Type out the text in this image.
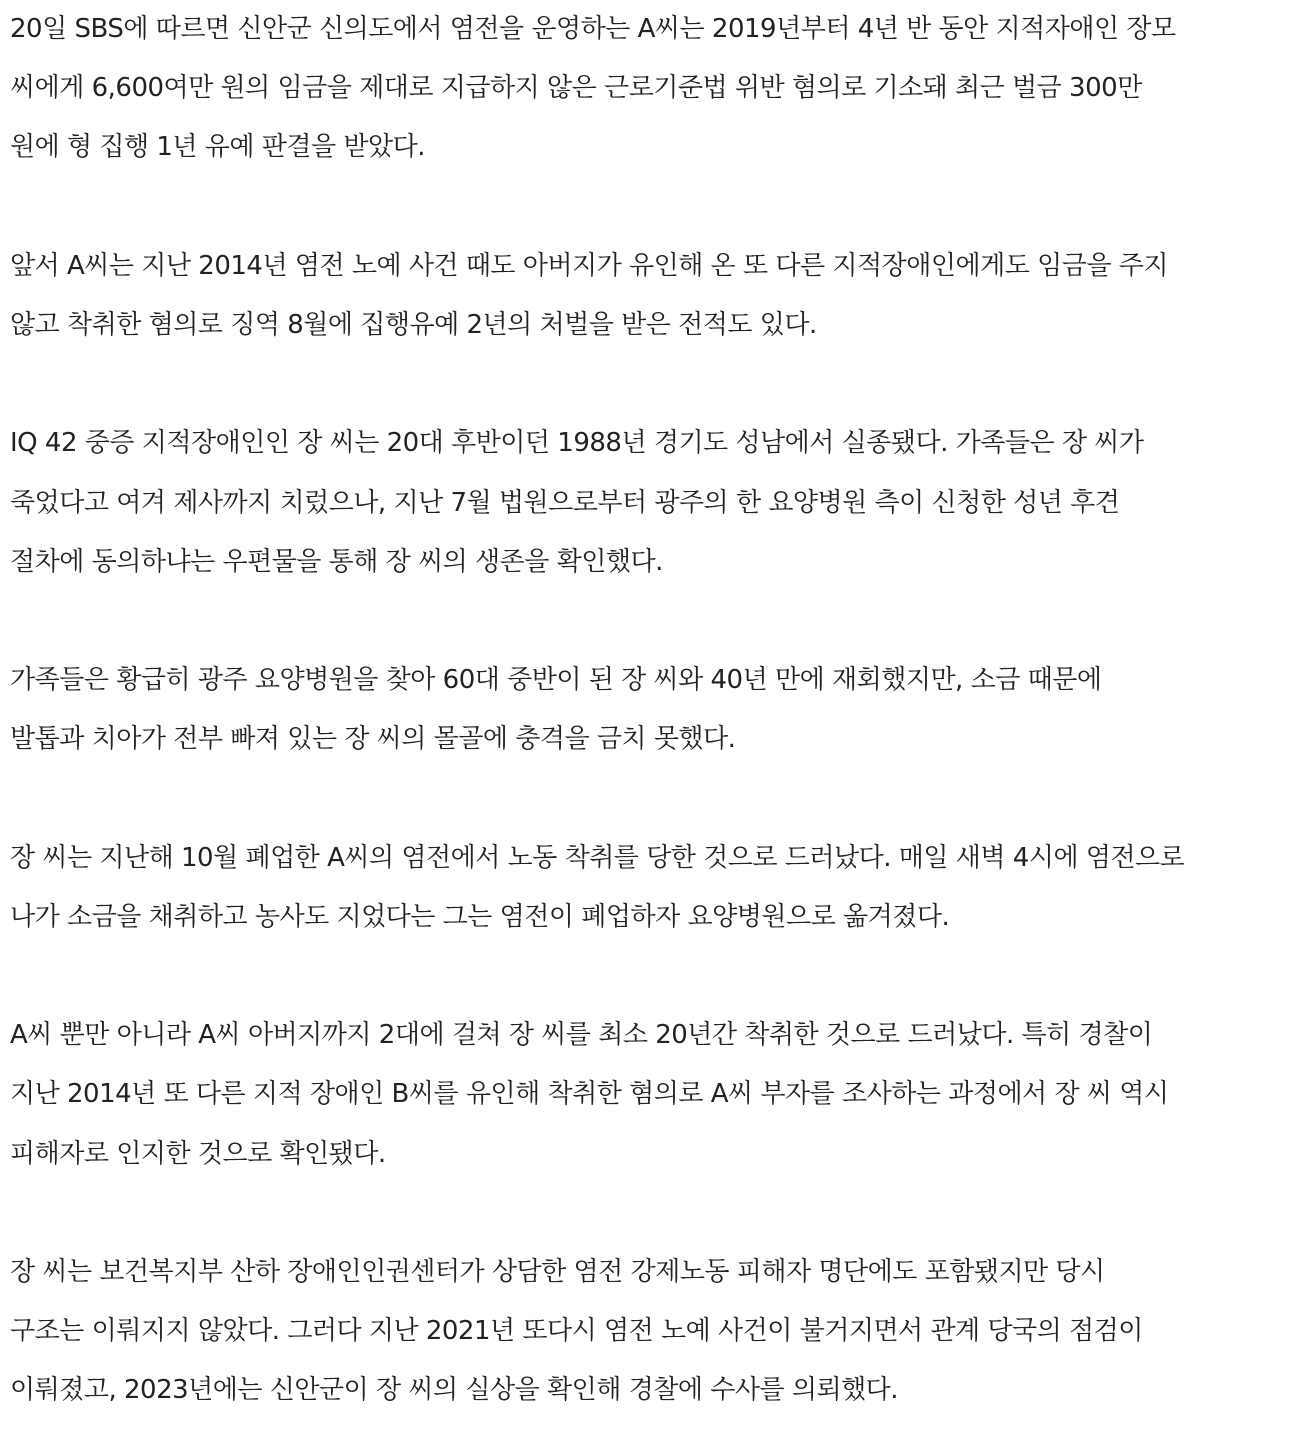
20일 SBS에 따르면 신안군 신의도에서 염전을 운영하는 A씨는 2019년부터 4년 반 동안 지적자애인 장모
씨에게 6,600여만 원의 임금을 제대로 지급하지 않은 근로기준법 위반 혐의로 기소돼 최근 벌금 300만
원에 형 집행 1년 유예 판결을 받았다.
앞서 A씨는 지난 2014년 염전 노예 사건 때도 아버지가 유인해 온 또 다른 지적장애인에게도 임금을 주지
않고 착취한 혐의로 징역 8월에 집행유예 2년의 처벌을 받은 전적도 있다.
IQ 42 중증 지적장애인인 장 씨는 20대 후반이던 1988년 경기도 성남에서 실종됐다. 가족들은 장 씨가
죽었다고 여겨 제사까지 치렀으나, 지난 7월 법원으로부터 광주의 한 요양병원 측이 신청한 성년 후견
절차에 동의하냐는 우편물을 통해 장 씨의 생존을 확인했다.
가족들은 황급히 광주 요양병원을 찾아 60대 중반이 된 장 씨와 40년 만에 재회했지만, 소금 때문에
발톱과 치아가 전부 빠져 있는 장 씨의 몰골에 충격을 금치 못했다.
장 씨는 지난해 10월 폐업한 A씨의 염전에서 노동 착취를 당한 것으로 드러났다. 매일 새벽 4시에 염전으로
나가 소금을 채취하고 농사도 지었다는 그는 염전이 폐업하자 요양병원으로 옮겨졌다.
A씨 뿐만 아니라 A씨 아버지까지 2대에 걸쳐 장 씨를 최소 20년간 착취한 것으로 드러났다. 특히 경찰이
지난 2014년 또 다른 지적 장애인 B씨를 유인해 착취한 혐의로 A씨 부자를 조사하는 과정에서 장 씨 역시
피해자로 인지한 것으로 확인됐다.
장 씨는 보건복지부 산하 장애인인권센터가 상담한 염전 강제노동 피해자 명단에도 포함됐지만 당시
구조는 이뤄지지 않았다. 그러다 지난 2021년 또다시 염전 노예 사건이 불거지면서 관계 당국의 점검이
이뤄졌고, 2023년에는 신안군이 장 씨의 실상을 확인해 경찰에 수사를 의뢰했다.
